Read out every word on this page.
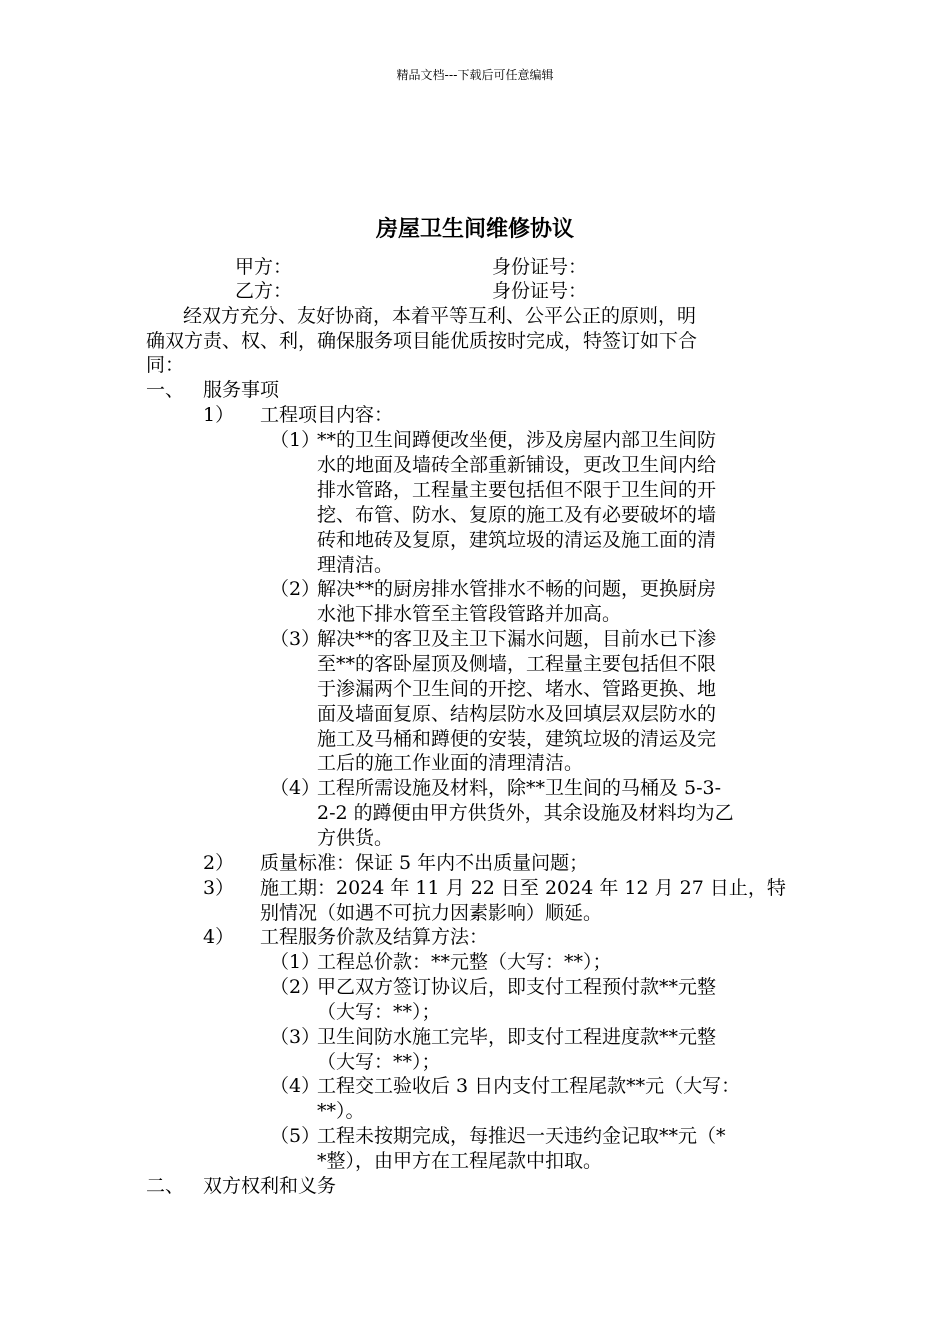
精品文档---下载后可任意编辑
房屋卫生间维修协议
甲方：	身份证号：
乙方：	身份证号：
经双方充分、友好协商，本着平等互利、公平公正的原则，明
确双方责、权、利，确保服务项目能优质按时完成，特签订如下合
同：
一、 服务事项
1） 工程项目内容：
（1）
**的卫生间蹲便改坐便，涉及房屋内部卫生间防
水的地面及墙砖全部重新铺设，更改卫生间内给
排水管路，工程量主要包括但不限于卫生间的开
挖、布管、防水、复原的施工及有必要破坏的墙
砖和地砖及复原，建筑垃圾的清运及施工面的清
理清洁。
（2）
解决**的厨房排水管排水不畅的问题，更换厨房
水池下排水管至主管段管路并加高。
（3）
解决**的客卫及主卫下漏水问题，目前水已下渗
至**的客卧屋顶及侧墙，工程量主要包括但不限
于渗漏两个卫生间的开挖、堵水、管路更换、地
面及墙面复原、结构层防水及回填层双层防水的
施工及马桶和蹲便的安装，建筑垃圾的清运及完
工后的施工作业面的清理清洁。
（4）
工程所需设施及材料，除**卫生间的马桶及 5-3-
2-2 的蹲便由甲方供货外，其余设施及材料均为乙
方供货。
2） 质量标准：保证 5 年内不出质量问题；
3） 施工期：2024 年 11 月 22 日至 2024 年 12 月 27 日止，特
别情况（如遇不可抗力因素影响）顺延。
4） 工程服务价款及结算方法：
（1）
工程总价款：**元整（大写：**）；
（2）
甲乙双方签订协议后，即支付工程预付款**元整
（大写：**）；
（3）
卫生间防水施工完毕，即支付工程进度款**元整
（大写：**）；
（4）
工程交工验收后 3 日内支付工程尾款**元（大写：
**）。
（5）
工程未按期完成，每推迟一天违约金记取**元（*
*整），由甲方在工程尾款中扣取。
二、 双方权利和义务
